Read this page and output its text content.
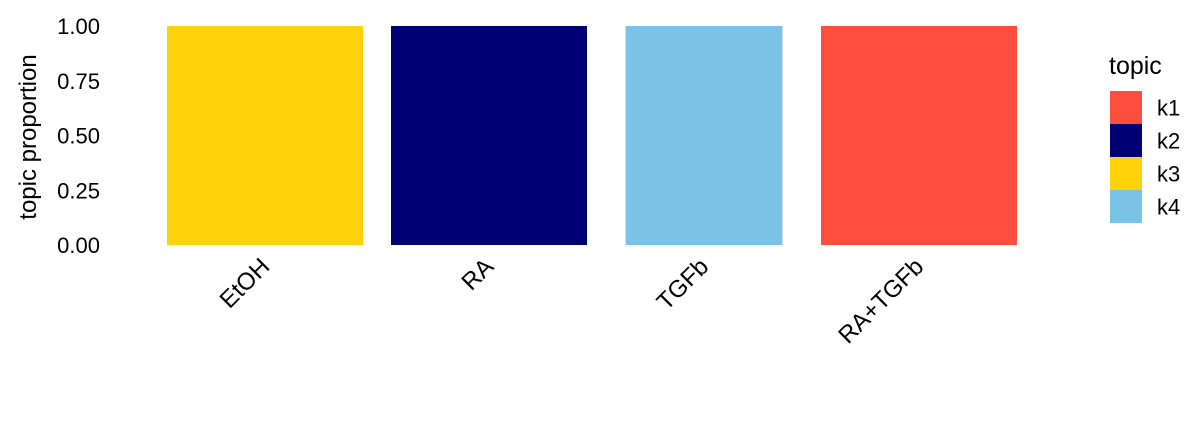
0.00
0.25
0.50
0.75
1.00
EtOH	RA	TGFb	RA+TGFb
topic proportion	topic
k1
k2
k3
k4
